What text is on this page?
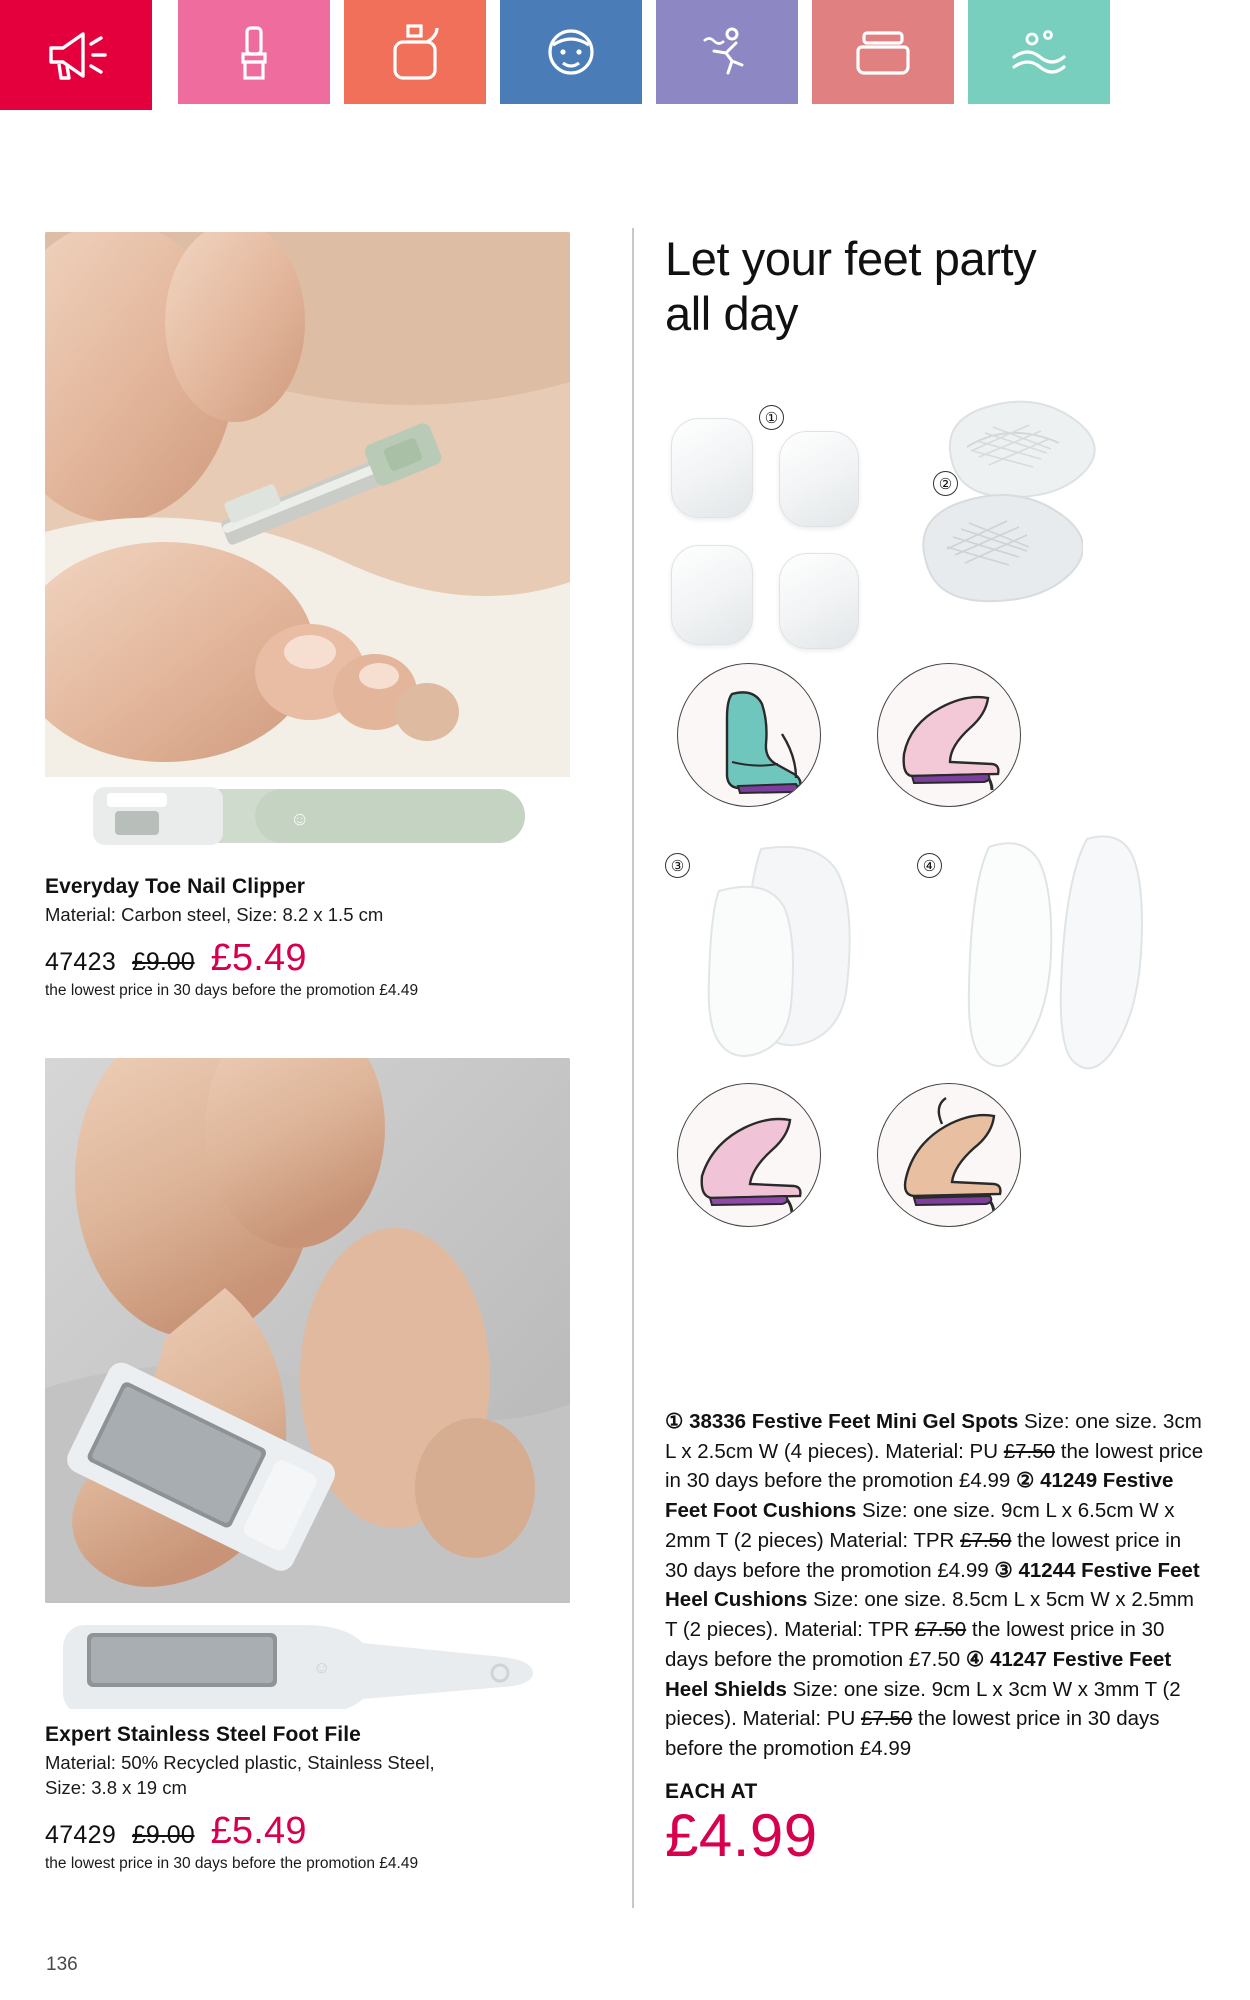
☺
Everyday Toe Nail Clipper
Material: Carbon steel, Size: 8.2 x 1.5 cm
47423 £9.00 £5.49
the lowest price in 30 days before the promotion £4.49
☺
Expert Stainless Steel Foot File
Material: 50% Recycled plastic, Stainless Steel,
Size: 3.8 x 19 cm
47429 £9.00 £5.49
the lowest price in 30 days before the promotion £4.49
Let your feet party
all day
①
②
③	④
① 38336 Festive Feet Mini Gel Spots Size: one size. 3cm L x 2.5cm W (4 pieces). Material: PU £7.50 the lowest price in 30 days before the promotion £4.99 ② 41249 Festive Feet Foot Cushions Size: one size. 9cm L x 6.5cm W x 2mm T (2 pieces) Material: TPR £7.50 the lowest price in 30 days before the promotion £4.99 ③ 41244 Festive Feet Heel Cushions Size: one size. 8.5cm L x 5cm W x 2.5mm T (2 pieces). Material: TPR £7.50 the lowest price in 30 days before the promotion £7.50 ④ 41247 Festive Feet Heel Shields Size: one size. 9cm L x 3cm W x 3mm T (2 pieces). Material: PU £7.50 the lowest price in 30 days before the promotion £4.99
EACH AT
£4.99
136
